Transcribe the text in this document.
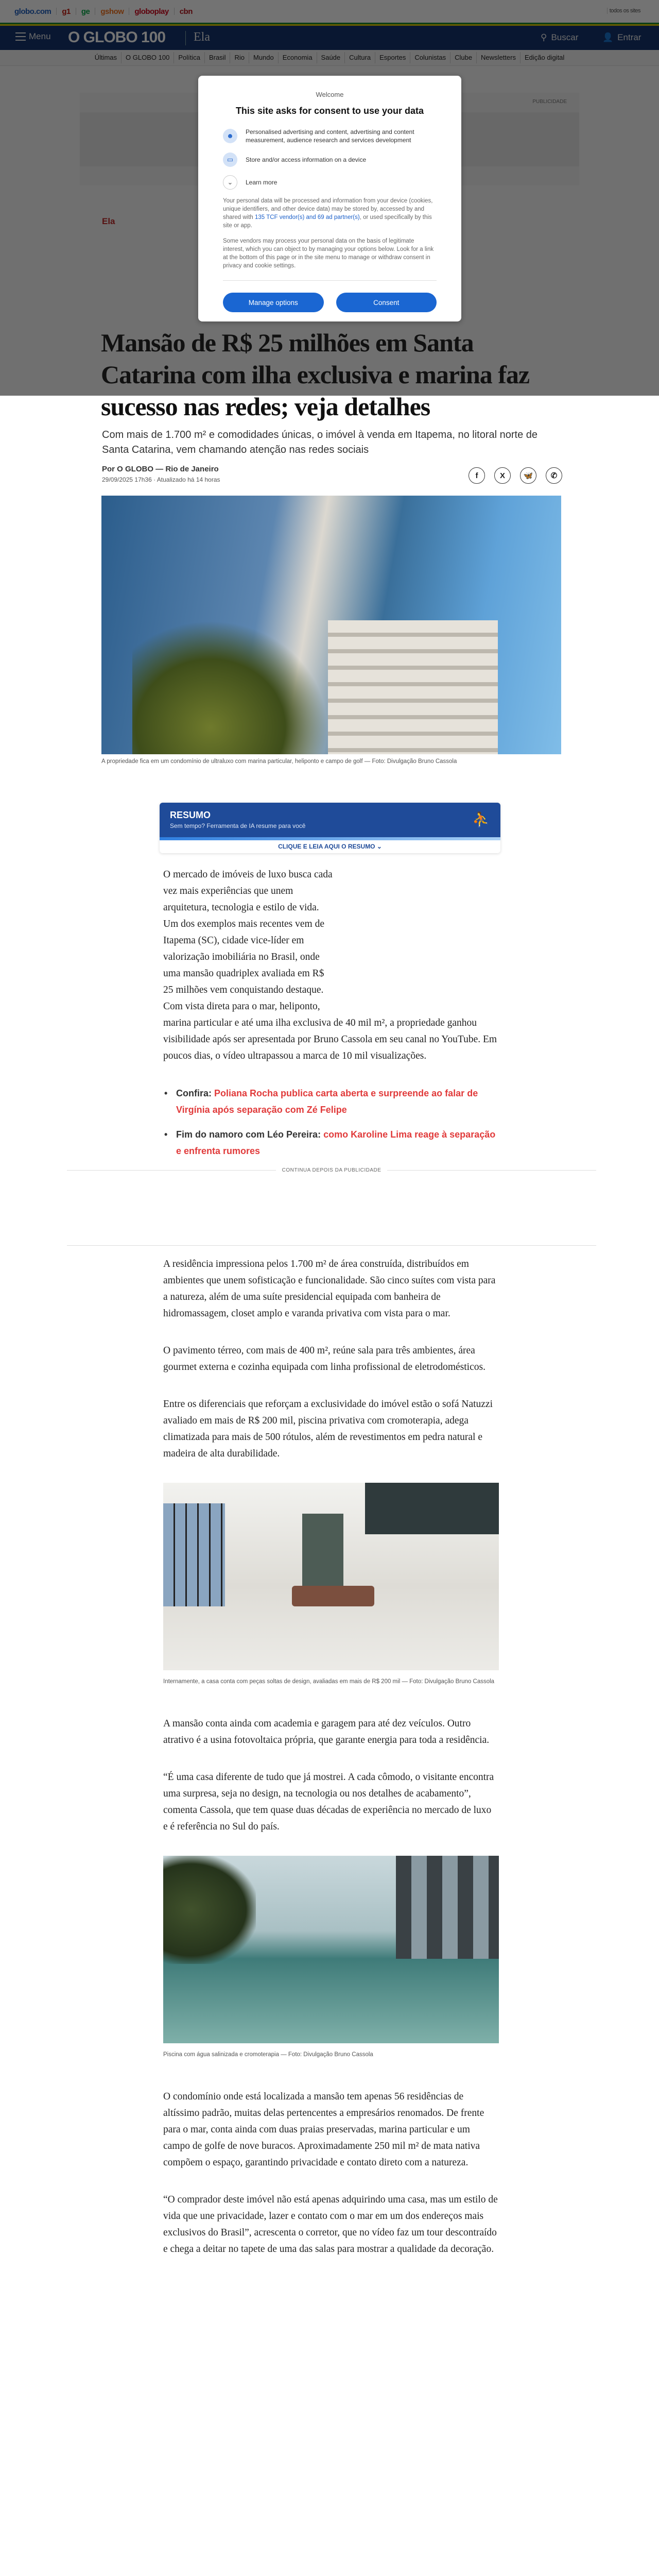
globo.com g1 ge gshow globoplay cbn	todos os sites
Menu O GLOBO 100 Ela	⚲ Buscar	👤 Entrar
Últimas	O GLOBO 100	Política	Brasil	Rio	Mundo	Economia	Saúde	Cultura	Esportes	Colunistas	Clube	Newsletters	Edição digital
PUBLICIDADE
Ela
Mansão de R$ 25 milhões em Santa Catarina com ilha exclusiva e marina faz sucesso nas redes; veja detalhes

Com mais de 1.700 m² e comodidades únicas, o imóvel à venda em Itapema, no litoral norte de Santa Catarina, vem chamando atenção nas redes sociais

Por O GLOBO — Rio de Janeiro
29/09/2025 17h36 · Atualizado há 14 horas	f	X	🦋	✆
A propriedade fica em um condomínio de ultraluxo com marina particular, heliponto e campo de golf — Foto: Divulgação Bruno Cassola
RESUMO
Sem tempo? Ferramenta de IA resume para você	⛹
CLIQUE E LEIA AQUI O RESUMO ⌄
O mercado de imóveis de luxo busca cada vez mais experiências que unem arquitetura, tecnologia e estilo de vida. Um dos exemplos mais recentes vem de Itapema (SC), cidade vice-líder em valorização imobiliária no Brasil, onde uma mansão quadriplex avaliada em R$ 25 milhões vem conquistando destaque. Com vista direta para o mar, heliponto, marina particular e até uma ilha exclusiva de 40 mil m², a propriedade ganhou visibilidade após ser apresentada por Bruno Cassola em seu canal no YouTube. Em poucos dias, o vídeo ultrapassou a marca de 10 mil visualizações.
• Confira: Poliana Rocha publica carta aberta e surpreende ao falar de Virgínia após separação com Zé Felipe
• Fim do namoro com Léo Pereira: como Karoline Lima reage à separação e enfrenta rumores
CONTINUA DEPOIS DA PUBLICIDADE

A residência impressiona pelos 1.700 m² de área construída, distribuídos em ambientes que unem sofisticação e funcionalidade. São cinco suítes com vista para a natureza, além de uma suíte presidencial equipada com banheira de hidromassagem, closet amplo e varanda privativa com vista para o mar.

O pavimento térreo, com mais de 400 m², reúne sala para três ambientes, área gourmet externa e cozinha equipada com linha profissional de eletrodomésticos.

Entre os diferenciais que reforçam a exclusividade do imóvel estão o sofá Natuzzi avaliado em mais de R$ 200 mil, piscina privativa com cromoterapia, adega climatizada para mais de 500 rótulos, além de revestimentos em pedra natural e madeira de alta durabilidade.

Internamente, a casa conta com peças soltas de design, avaliadas em mais de R$ 200 mil — Foto: Divulgação Bruno Cassola

A mansão conta ainda com academia e garagem para até dez veículos. Outro atrativo é a usina fotovoltaica própria, que garante energia para toda a residência.

“É uma casa diferente de tudo que já mostrei. A cada cômodo, o visitante encontra uma surpresa, seja no design, na tecnologia ou nos detalhes de acabamento”, comenta Cassola, que tem quase duas décadas de experiência no mercado de luxo e é referência no Sul do país.

Piscina com água salinizada e cromoterapia — Foto: Divulgação Bruno Cassola

O condomínio onde está localizada a mansão tem apenas 56 residências de altíssimo padrão, muitas delas pertencentes a empresários renomados. De frente para o mar, conta ainda com duas praias preservadas, marina particular e um campo de golfe de nove buracos. Aproximadamente 250 mil m² de mata nativa compõem o espaço, garantindo privacidade e contato direto com a natureza.

“O comprador deste imóvel não está apenas adquirindo uma casa, mas um estilo de vida que une privacidade, lazer e contato com o mar em um dos endereços mais exclusivos do Brasil”, acrescenta o corretor, que no vídeo faz um tour descontraído e chega a deitar no tapete de uma das salas para mostrar a qualidade da decoração.

Welcome
This site asks for consent to use your data
☻	Personalised advertising and content, advertising and content measurement, audience research and services development
▭	Store and/or access information on a device
⌄	Learn more

Your personal data will be processed and information from your device (cookies, unique identifiers, and other device data) may be stored by, accessed by and shared with 135 TCF vendor(s) and 69 ad partner(s), or used specifically by this site or app.

Some vendors may process your personal data on the basis of legitimate interest, which you can object to by managing your options below. Look for a link at the bottom of this page or in the site menu to manage or withdraw consent in privacy and cookie settings.

Manage options	Consent
